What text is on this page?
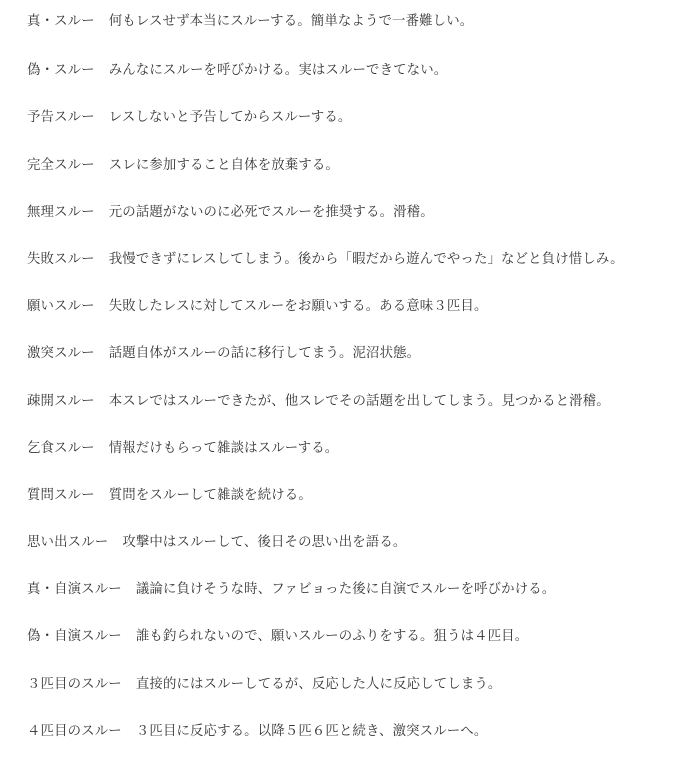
真・スルー 何もレスせず本当にスルーする。簡単なようで一番難しい。
偽・スルー みんなにスルーを呼びかける。実はスルーできてない。
予告スルー レスしないと予告してからスルーする。
完全スルー スレに参加すること自体を放棄する。
無理スルー 元の話題がないのに必死でスルーを推奨する。滑稽。
失敗スルー 我慢できずにレスしてしまう。後から「暇だから遊んでやった」などと負け惜しみ。
願いスルー 失敗したレスに対してスルーをお願いする。ある意味３匹目。
激突スルー 話題自体がスルーの話に移行してまう。泥沼状態。
疎開スルー 本スレではスルーできたが、他スレでその話題を出してしまう。見つかると滑稽。
乞食スルー 情報だけもらって雑談はスルーする。
質問スルー 質問をスルーして雑談を続ける。
思い出スルー 攻撃中はスルーして、後日その思い出を語る。
真・自演スルー 議論に負けそうな時、ファビョった後に自演でスルーを呼びかける。
偽・自演スルー 誰も釣られないので、願いスルーのふりをする。狙うは４匹目。
３匹目のスルー 直接的にはスルーしてるが、反応した人に反応してしまう。
４匹目のスルー ３匹目に反応する。以降５匹６匹と続き、激突スルーへ。
